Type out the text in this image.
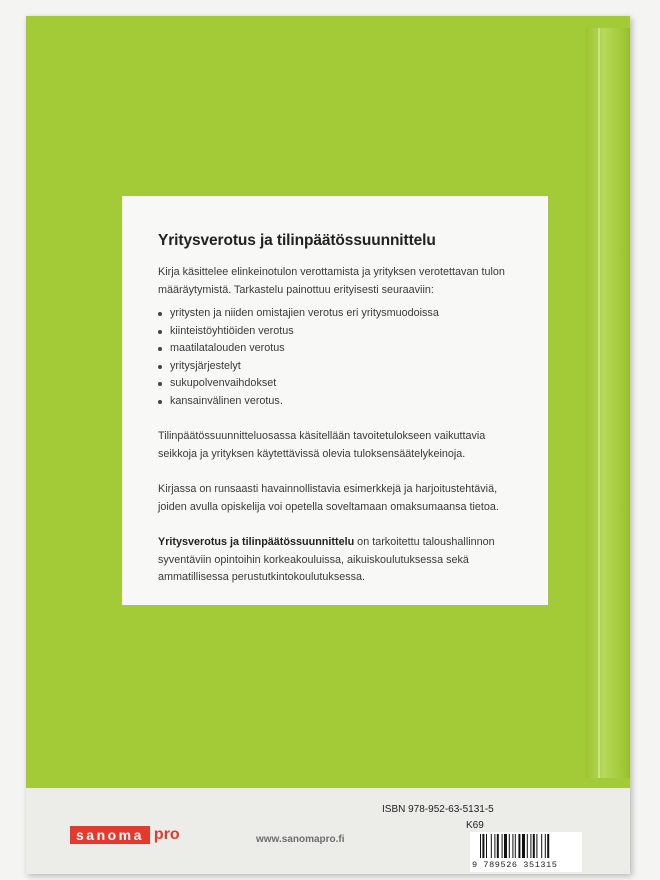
Yritysverotus ja tilinpäätössuunnittelu

Kirja käsittelee elinkeinotulon verottamista ja yrityksen verotettavan tulon määräytymistä. Tarkastelu painottuu erityisesti seuraaviin:

yritysten ja niiden omistajien verotus eri yritysmuodoissa
kiinteistöyhtiöiden verotus
maatilatalouden verotus
yritysjärjestelyt
sukupolvenvaihdokset
kansainvälinen verotus.

Tilinpäätössuunnitteluosassa käsitellään tavoitetulokseen vaikuttavia seikkoja ja yrityksen käytettävissä olevia tuloksensäätelykeinoja.

Kirjassa on runsaasti havainnollistavia esimerkkejä ja harjoitustehtäviä, joiden avulla opiskelija voi opetella soveltamaan omaksumaansa tietoa.

Yritysverotus ja tilinpäätössuunnittelu on tarkoitettu taloushallinnon syventäviin opintoihin korkeakouluissa, aikuiskoulutuksessa sekä ammatillisessa perustutkintokoulutuksessa.

sanoma pro	www.sanomapro.fi
ISBN 978-952-63-5131-5
K69
9 789526 351315
